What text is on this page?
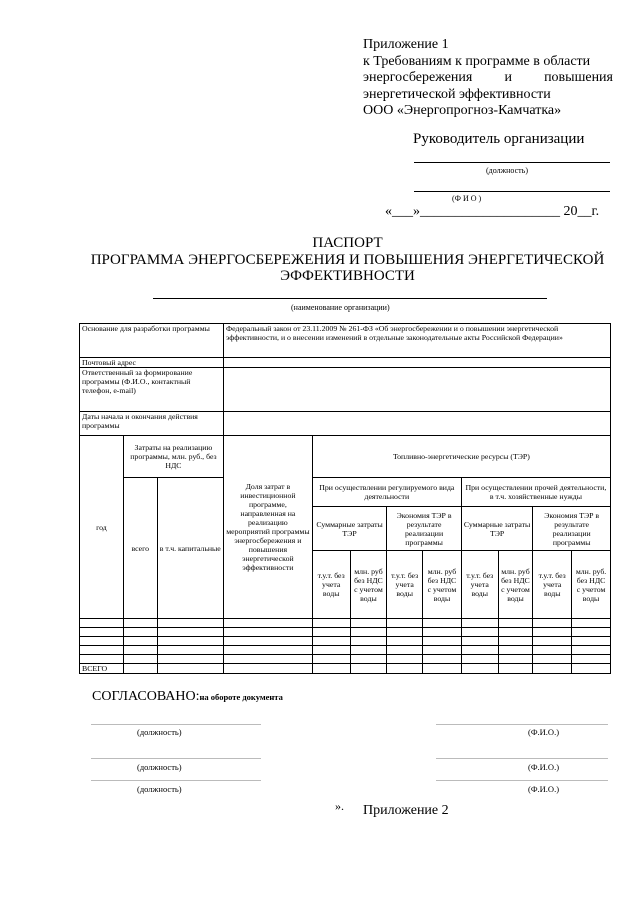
Приложение 1
к Требованиям к программе в области
энергосбережения и повышения
энергетической эффективности
ООО «Энергопрогноз-Камчатка»
Руководитель организации
(должность)
(Ф И О )
«___»____________________ 20__г.
ПАСПОРТ
ПРОГРАММА ЭНЕРГОСБЕРЕЖЕНИЯ И ПОВЫШЕНИЯ ЭНЕРГЕТИЧЕСКОЙ
ЭФФЕКТИВНОСТИ
(наименование организации)
Основание для разработки программы			Федеральный закон от 23.11.2009 № 261-ФЗ «Об энергосбережении и о повышении энергетической эффективности, и о внесении изменений в отдельные законодательные акты Российской Федерации»								
Почтовый адрес											
Ответственный за формирование программы (Ф.И.О., контактный телефон, e-mail)											
Даты начала и окончания действия программы											
год	Затраты на реализацию программы, млн. руб., без НДС		Доля затрат в инвестиционной программе, направленная на реализацию мероприятий программы энергосбережения и повышения энергетической эффективности	Топливно-энергетические ресурсы (ТЭР)							
	всего	в т.ч. капитальные		При осуществлении регулируемого вида деятельности				При осуществлении прочей деятельности, в т.ч. хозяйственные нужды			
				Суммарные затраты ТЭР		Экономия ТЭР в результате реализации программы		Суммарные затраты ТЭР		Экономия ТЭР в результате реализации программы	
				т.у.т. без учета воды	млн. руб без НДС с учетом воды	т.у.т. без учета воды	млн. руб без НДС с учетом воды	т.у.т. без учета воды	млн. руб без НДС с учетом воды	т.у.т. без учета воды	млн. руб. без НДС с учетом воды

ВСЕГО											
СОГЛАСОВАНО:на обороте документа
(должность)	(Ф.И.О.)
(должность)	(Ф.И.О.)
(должность)	(Ф.И.О.)
». Приложение 2
